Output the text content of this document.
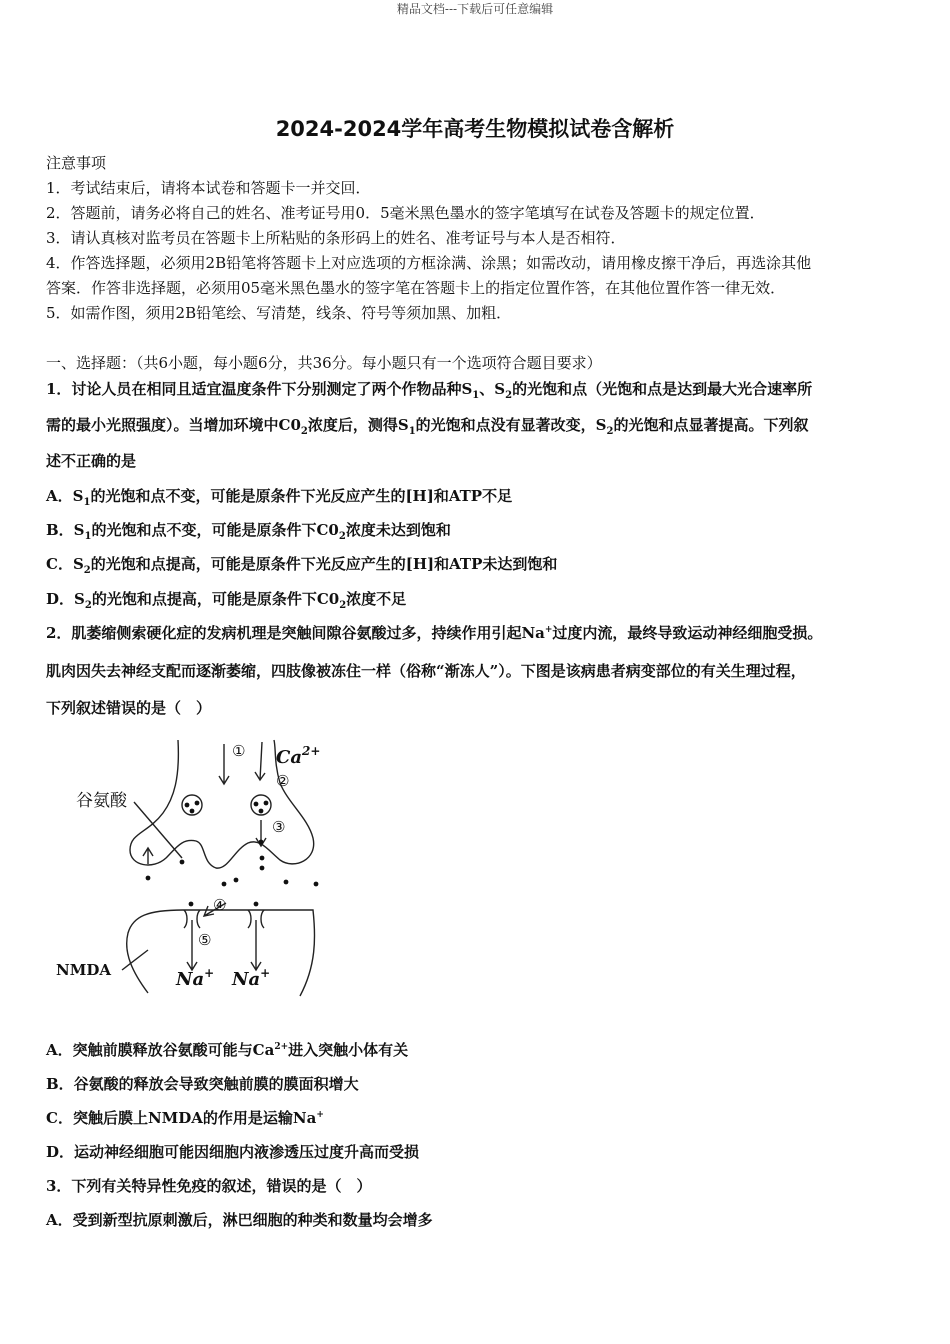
精品文档---下载后可任意编辑
2024-2024学年高考生物模拟试卷含解析
注意事项
1．考试结束后，请将本试卷和答题卡一并交回．
2．答题前，请务必将自己的姓名、准考证号用0．5毫米黑色墨水的签字笔填写在试卷及答题卡的规定位置．
3．请认真核对监考员在答题卡上所粘贴的条形码上的姓名、准考证号与本人是否相符．
4．作答选择题，必须用2B铅笔将答题卡上对应选项的方框涂满、涂黑；如需改动，请用橡皮擦干净后，再选涂其他
答案．作答非选择题，必须用05毫米黑色墨水的签字笔在答题卡上的指定位置作答，在其他位置作答一律无效．
5．如需作图，须用2B铅笔绘、写清楚，线条、符号等须加黑、加粗．
一、选择题：（共6小题，每小题6分，共36分。每小题只有一个选项符合题目要求）
1．讨论人员在相同且适宜温度条件下分别测定了两个作物品种$S_1$、$S_2$的光饱和点（光饱和点是达到最大光合速率所
需的最小光照强度）。当增加环境中$C0_2$浓度后，测得$S_1$的光饱和点没有显著改变，$S_2$的光饱和点显著提高。下列叙
述不正确的是
A．$S_1$的光饱和点不变，可能是原条件下光反应产生的[H]和ATP不足
B．$S_1$的光饱和点不变，可能是原条件下$C0_2$浓度未达到饱和
C．$S_2$的光饱和点提高，可能是原条件下光反应产生的[H]和ATP未达到饱和
D．$S_2$的光饱和点提高，可能是原条件下$C0_2$浓度不足
2．肌萎缩侧索硬化症的发病机理是突触间隙谷氨酸过多，持续作用引起Na+过度内流，最终导致运动神经细胞受损。
肌肉因失去神经支配而逐渐萎缩，四肢像被冻住一样（俗称“渐冻人”）。下图是该病患者病变部位的有关生理过程，
下列叙述错误的是（　）
谷氨酸
NMDA
①
②
③
④
⑤
$Ca^{2+}$
Na+ Na+
A．突触前膜释放谷氨酸可能与$Ca^{2+}$进入突触小体有关
B．谷氨酸的释放会导致突触前膜的膜面积增大
C．突触后膜上NMDA的作用是运输Na+
D．运动神经细胞可能因细胞内液渗透压过度升高而受损
3．下列有关特异性免疫的叙述，错误的是（　）
A．受到新型抗原刺激后，淋巴细胞的种类和数量均会增多
